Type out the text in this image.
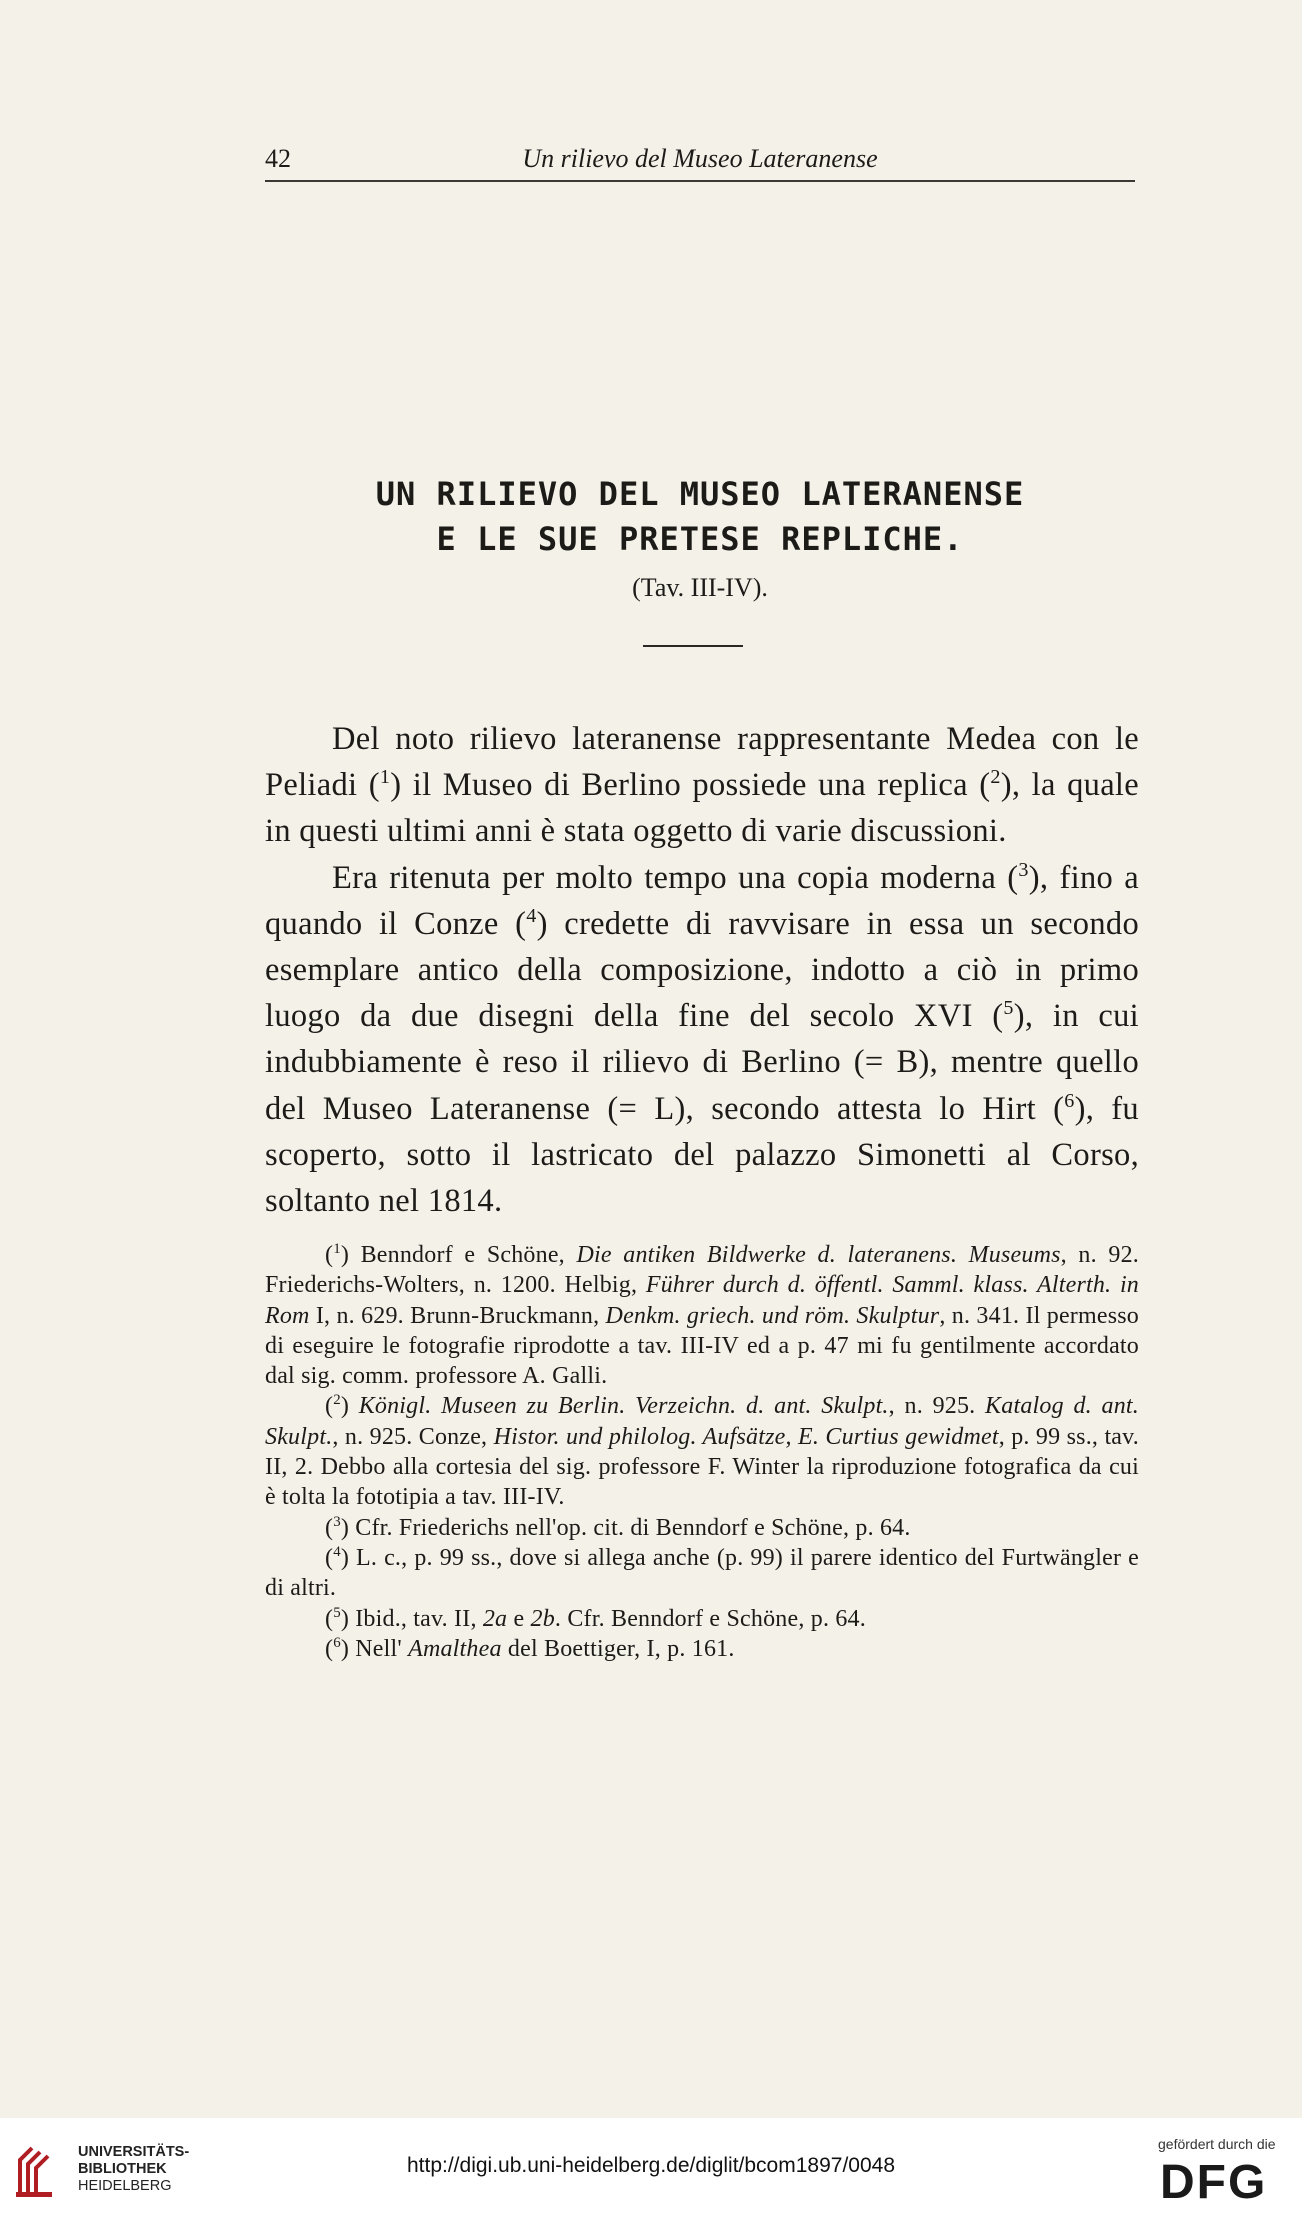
42	Un rilievo del Museo Lateranense
UN RILIEVO DEL MUSEO LATERANENSE
E LE SUE PRETESE REPLICHE.
(Tav. III-IV).

Del noto rilievo lateranense rappresentante Medea con le Peliadi ($^1$) il Museo di Berlino possiede una replica ($^2$), la quale in questi ultimi anni è stata oggetto di varie discussioni.

Era ritenuta per molto tempo una copia moderna ($^3$), fino a quando il Conze ($^4$) credette di ravvisare in essa un secondo esemplare antico della composizione, indotto a ciò in primo luogo da due disegni della fine del secolo XVI ($^5$), in cui indubbiamente è reso il rilievo di Berlino (= B), mentre quello del Museo Lateranense (= L), secondo attesta lo Hirt ($^6$), fu scoperto, sotto il lastricato del palazzo Simonetti al Corso, soltanto nel 1814.

($^1$) Benndorf e Schöne, Die antiken Bildwerke d. lateranens. Museums, n. 92. Friederichs-Wolters, n. 1200. Helbig, Führer durch d. öffentl. Samml. klass. Alterth. in Rom I, n. 629. Brunn-Bruckmann, Denkm. griech. und röm. Skulptur, n. 341. Il permesso di eseguire le fotografie riprodotte a tav. III-IV ed a p. 47 mi fu gentilmente accordato dal sig. comm. professore A. Galli.

($^2$) Königl. Museen zu Berlin. Verzeichn. d. ant. Skulpt., n. 925. Katalog d. ant. Skulpt., n. 925. Conze, Histor. und philolog. Aufsätze, E. Curtius gewidmet, p. 99 ss., tav. II, 2. Debbo alla cortesia del sig. professore F. Winter la riproduzione fotografica da cui è tolta la fototipia a tav. III-IV.

($^3$) Cfr. Friederichs nell'op. cit. di Benndorf e Schöne, p. 64.

($^4$) L. c., p. 99 ss., dove si allega anche (p. 99) il parere identico del Furtwängler e di altri.

($^5$) Ibid., tav. II, 2a e 2b. Cfr. Benndorf e Schöne, p. 64.

($^6$) Nell' Amalthea del Boettiger, I, p. 161.

UNIVERSITÄTS-
BIBLIOTHEK
HEIDELBERG
http://digi.ub.uni-heidelberg.de/diglit/bcom1897/0048
gefördert durch die
DFG
